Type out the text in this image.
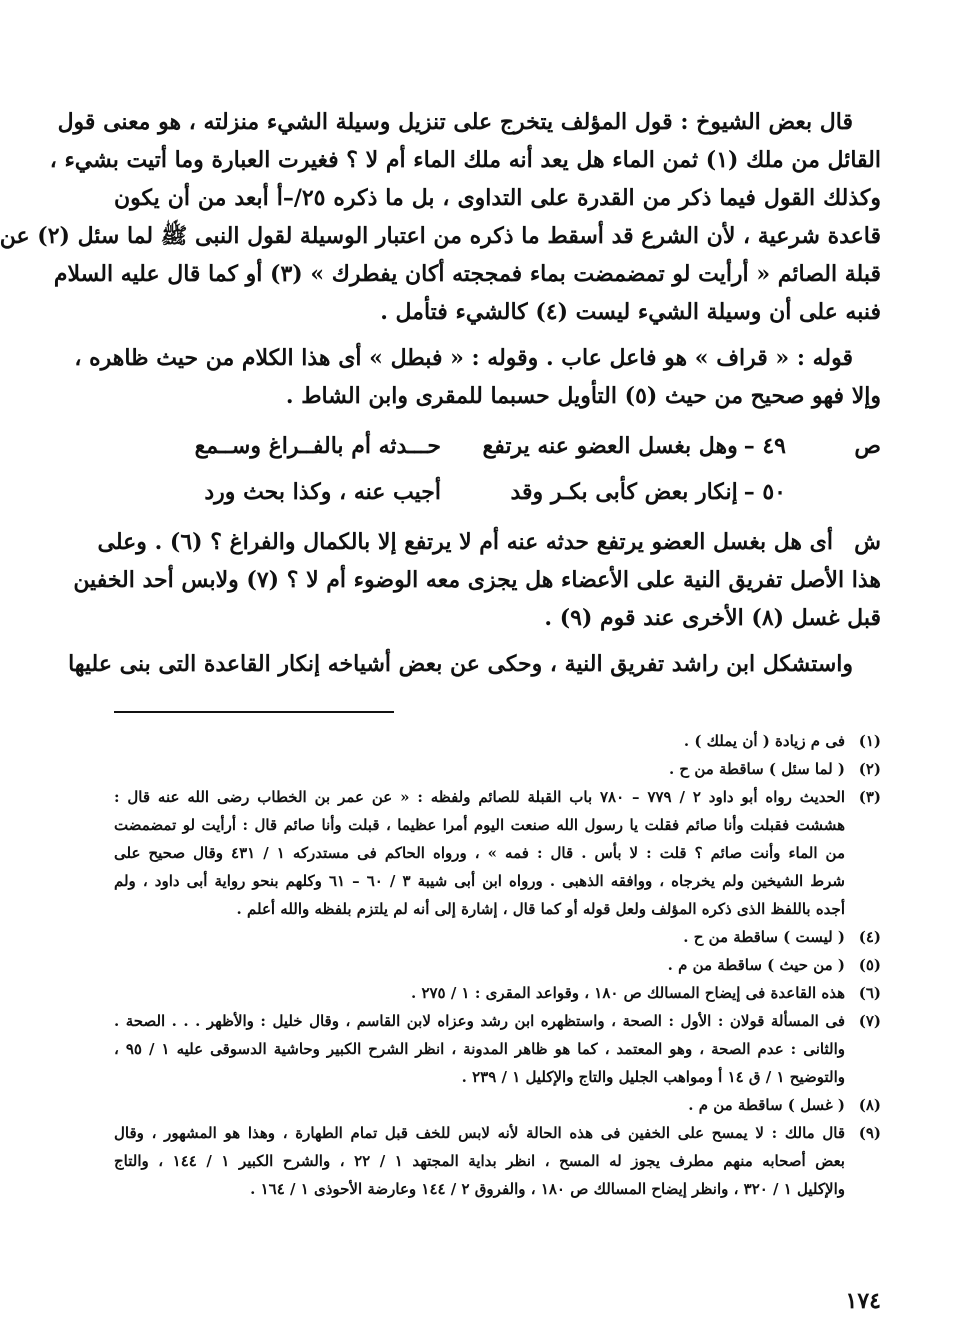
قال بعض الشيوخ : قول المؤلف يتخرج على تنزيل وسيلة الشيء منزلته ، هو معنى قول
القائل من ملك (١) ثمن الماء هل يعد أنه ملك الماء أم لا ؟ فغيرت العبارة وما أتيت بشيء ،
وكذلك القول فيما ذكر من القدرة على التداوى ، بل ما ذكره ٢٥/–أ أبعد من أن يكون
قاعدة شرعية ، لأن الشرع قد أسقط ما ذكره من اعتبار الوسيلة لقول النبى ﷺ لما سئل (٢) عن
قبلة الصائم « أرأيت لو تمضمضت بماء فمججته أكان يفطرك » (٣) أو كما قال عليه السلام
فنبه على أن وسيلة الشيء ليست (٤) كالشيء فتأمل .
قوله : « قراف » هو فاعل عاب . وقوله : « فبطل » أى هذا الكلام من حيث ظاهره ،
وإلا فهو صحيح من حيث (٥) التأويل حسبما للمقرى وابن الشاط .
ص
٤٩ –وهل بغسل العضو عنه يرتفع
حـــدثه أم بالفــراغ وســمع
٥٠ –إنكار بعض كأبى بكـر وقد
أجيب عنه ، وكذا بحث ورد
ش
أى هل بغسل العضو يرتفع حدثه عنه أم لا يرتفع إلا بالكمال والفراغ ؟ (٦) . وعلى
هذا الأصل تفريق النية على الأعضاء هل يجزى معه الوضوء أم لا ؟ (٧) ولابس أحد الخفين
قبل غسل (٨) الأخرى عند قوم (٩) .
واستشكل ابن راشد تفريق النية ، وحكى عن بعض أشياخه إنكار القاعدة التى بنى عليها
(١)
فى م زيادة ( أن يملك ) .
(٢)
( لما سئل ) ساقطة من ح .
(٣)
الحديث رواه أبو داود ٢ / ٧٧٩ – ٧٨٠ باب القبلة للصائم ولفظه : « عن عمر بن الخطاب رضى الله عنه قال :
هششت فقبلت وأنا صائم فقلت يا رسول الله صنعت اليوم أمرا عظيما ، قبلت وأنا صائم قال : أرأيت لو تمضمضت
من الماء وأنت صائم ؟ قلت : لا بأس . قال : فمه » ، ورواه الحاكم فى مستدركه ١ / ٤٣١ وقال صحيح على
شرط الشيخين ولم يخرجاه ، ووافقه الذهبى . ورواه ابن أبى شيبة ٣ / ٦٠ – ٦١ وكلهم بنحو رواية أبى داود ، ولم
أجده باللفظ الذى ذكره المؤلف ولعل قوله أو كما قال ، إشارة إلى أنه لم يلتزم بلفظه والله أعلم .
(٤)
( ليست ) ساقطة من ح .
(٥)
( من حيث ) ساقطة من م .
(٦)
هذه القاعدة فى إيضاح المسالك ص ١٨٠ ، وقواعد المقرى : ١ / ٢٧٥ .
(٧)
فى المسألة قولان : الأول : الصحة ، واستظهره ابن رشد وعزاه لابن القاسم ، وقال خليل : والأظهر . . . الصحة .
والثانى : عدم الصحة ، وهو المعتمد ، كما هو ظاهر المدونة ، انظر الشرح الكبير وحاشية الدسوقى عليه ١ / ٩٥ ،
والتوضيح ١ / ق ١٤ أ ومواهب الجليل والتاج والإكليل ١ / ٢٣٩ .
(٨)
( غسل ) ساقطة من م .
(٩)
قال مالك : لا يمسح على الخفين فى هذه الحالة لأنه لابس للخف قبل تمام الطهارة ، وهذا هو المشهور ، وقال
بعض أصحابه منهم مطرف يجوز له المسح ، انظر بداية المجتهد ١ / ٢٢ ، والشرح الكبير ١ / ١٤٤ ، والتاج
والإكليل ١ / ٣٢٠ ، وانظر إيضاح المسالك ص ١٨٠ ، والفروق ٢ / ١٤٤ وعارضة الأحوذى ١ / ١٦٤ .
١٧٤
